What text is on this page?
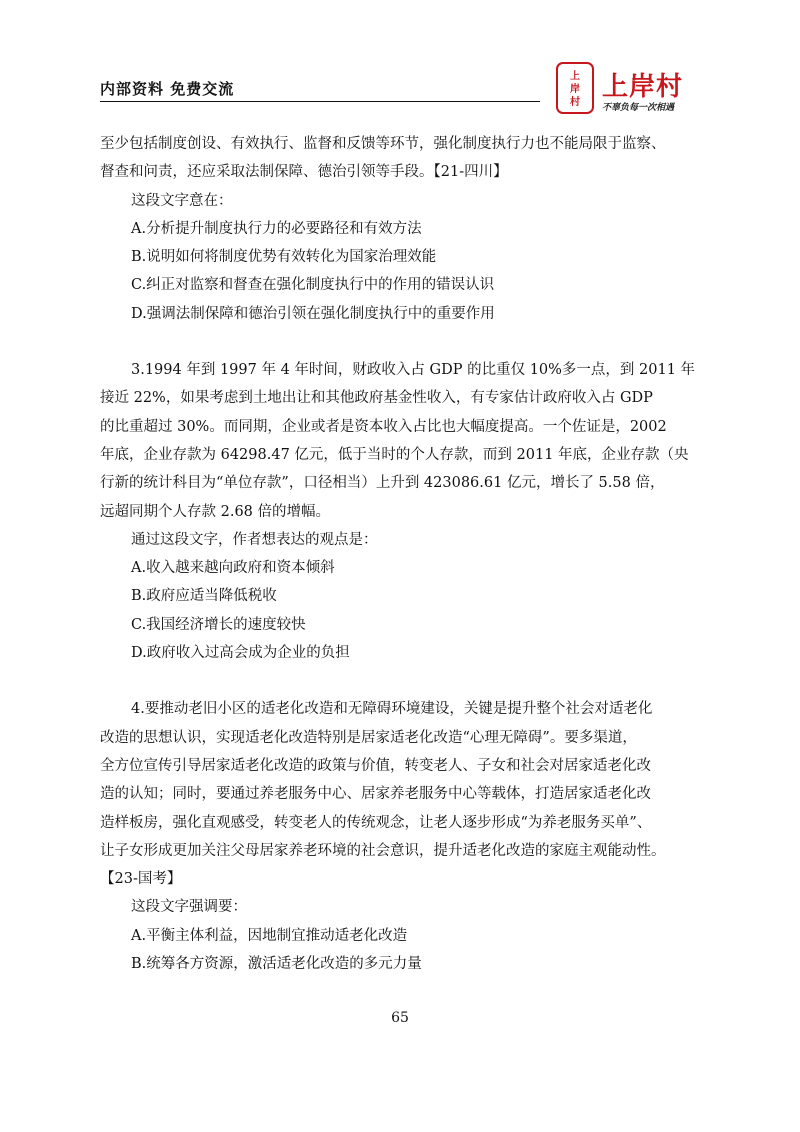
内部资料 免费交流
上
岸
村
上岸村
不辜负每一次相遇

至少包括制度创设、有效执行、监督和反馈等环节，强化制度执行力也不能局限于监察、

督查和问责，还应采取法制保障、德治引领等手段。【21-四川】

这段文字意在：

A.分析提升制度执行力的必要路径和有效方法

B.说明如何将制度优势有效转化为国家治理效能

C.纠正对监察和督查在强化制度执行中的作用的错误认识

D.强调法制保障和德治引领在强化制度执行中的重要作用

3.1994 年到 1997 年 4 年时间，财政收入占 GDP 的比重仅 10%多一点，到 2011 年

接近 22%，如果考虑到土地出让和其他政府基金性收入，有专家估计政府收入占 GDP

的比重超过 30%。而同期，企业或者是资本收入占比也大幅度提高。一个佐证是，2002

年底，企业存款为 64298.47 亿元，低于当时的个人存款，而到 2011 年底，企业存款（央

行新的统计科目为“单位存款”，口径相当）上升到 423086.61 亿元，增长了 5.58 倍，

远超同期个人存款 2.68 倍的增幅。

通过这段文字，作者想表达的观点是：

A.收入越来越向政府和资本倾斜

B.政府应适当降低税收

C.我国经济增长的速度较快

D.政府收入过高会成为企业的负担

4.要推动老旧小区的适老化改造和无障碍环境建设，关键是提升整个社会对适老化

改造的思想认识，实现适老化改造特别是居家适老化改造“心理无障碍”。要多渠道，

全方位宣传引导居家适老化改造的政策与价值，转变老人、子女和社会对居家适老化改

造的认知；同时，要通过养老服务中心、居家养老服务中心等载体，打造居家适老化改

造样板房，强化直观感受，转变老人的传统观念，让老人逐步形成“为养老服务买单”、

让子女形成更加关注父母居家养老环境的社会意识，提升适老化改造的家庭主观能动性。

【23-国考】

这段文字强调要：

A.平衡主体利益，因地制宜推动适老化改造

B.统筹各方资源，激活适老化改造的多元力量

65
